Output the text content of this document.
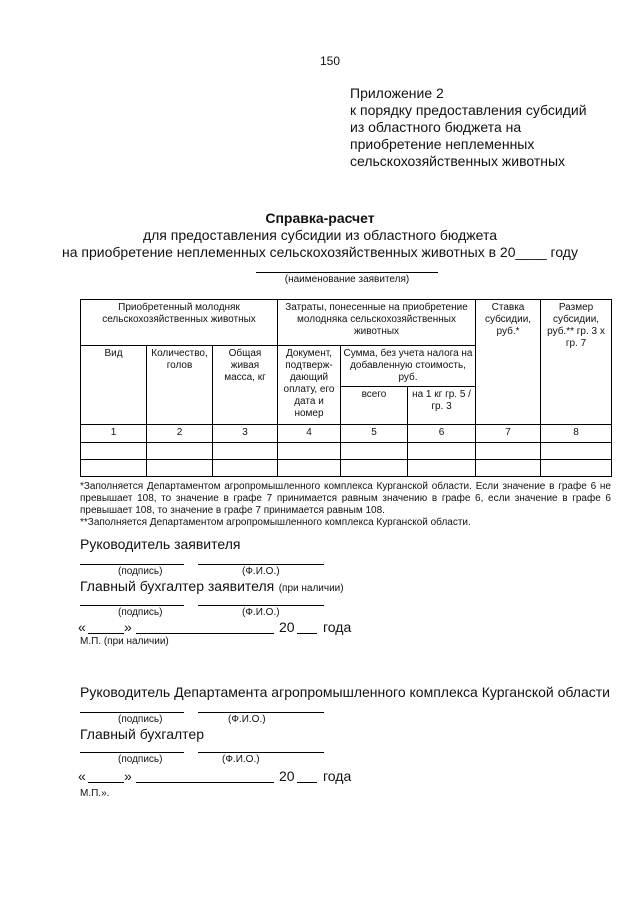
150
Приложение 2
к порядку предоставления субсидий
из областного бюджета на
приобретение неплеменных
сельскохозяйственных животных
Справка-расчет
для предоставления субсидии из областного бюджета
на приобретение неплеменных сельскохозяйственных животных в 20____ году
(наименование заявителя)
Приобретенный молодняк сельскохозяйственных животных			Затраты, понесенные на приобретение молодняка сельскохозяйственных животных			Ставка субсидии, руб.*	Размер субсидии, руб.** гр. 3 х гр. 7
Вид	Количество, голов	Общая живая масса, кг	Документ, подтверж-дающий оплату, его дата и номер	Сумма, без учета налога на добавленную стоимость, руб.			
				всего	на 1 кг гр. 5 / гр. 3		
1	2	3	4	5	6	7	8

*Заполняется Департаментом агропромышленного комплекса Курганской области. Если значение в графе 6 не превышает 108, то значение в графе 7 принимается равным значению в графе 6, если значение в графе 6 превышает 108, то значение в графе 7 принимается равным 108.
**Заполняется Департаментом агропромышленного комплекса Курганской области.
Руководитель заявителя
(подпись)	(Ф.И.О.)
Главный бухгалтер заявителя (при наличии)
(подпись)	(Ф.И.О.)
«	»	20 года
М.П. (при наличии)
Руководитель Департамента агропромышленного комплекса Курганской области
(подпись)	(Ф.И.О.)
Главный бухгалтер
(подпись)	(Ф.И.О.)
«	»	20 года
М.П.».
